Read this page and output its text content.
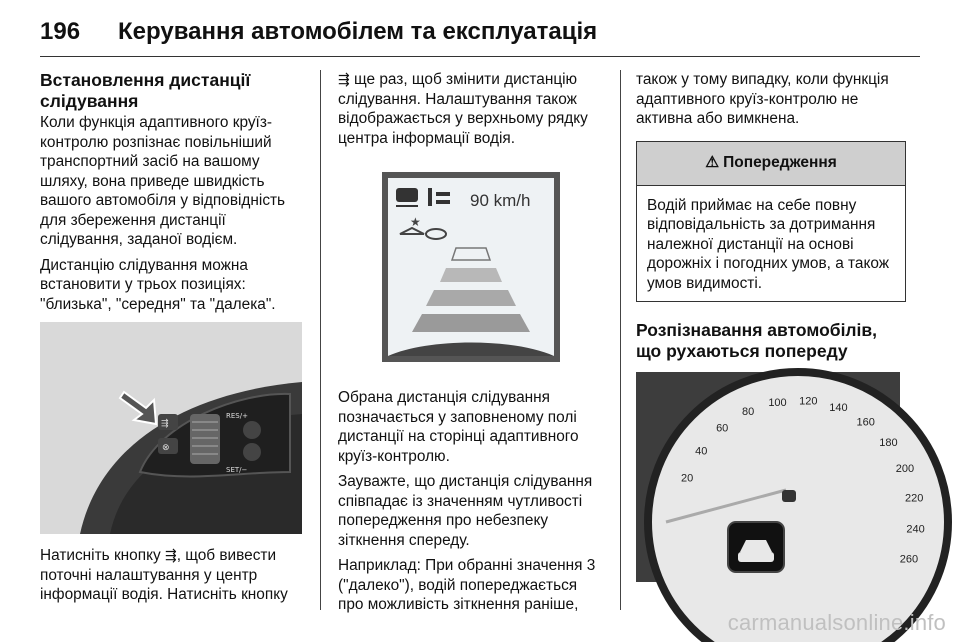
196 Керування автомобілем та експлуатація
Встановлення дистанції слідування

Коли функція адаптивного круїз-контролю розпізнає повільніший транспортний засіб на вашому шляху, вона приведе швидкість вашого автомобіля у відповідність для збереження дистанції слідування, заданої водієм.

Дистанцію слідування можна встановити у трьох позиціях: "близька", "середня" та "далека".

⇶
⊗
RES/+
SET/−

Натисніть кнопку ⇶, щоб вивести поточні налаштування у центр інформації водія. Натисніть кнопку

⇶ ще раз, щоб змінити дистанцію слідування. Налаштування також відображається у верхньому рядку центра інформації водія.

90 km/h
★

Обрана дистанція слідування позначається у заповненому полі дистанції на сторінці адаптивного круїз-контролю.

Зауважте, що дистанція слідування співпадає із значенням чутливості попередження про небезпеку зіткнення спереду.

Наприклад: При обранні значення 3 ("далеко"), водій попереджається про можливість зіткнення раніше,

також у тому випадку, коли функція адаптивного круїз-контролю не активна або вимкнена.

⚠ Попередження
Водій приймає на себе повну відповідальність за дотримання належної дистанції на основі дорожніх і погодних умов, а також умов видимості.
Розпізнавання автомобілів, що рухаються попереду
20
40
60
80
100 120
140
160
180
200
220
240
260
carmanualsonline.info
